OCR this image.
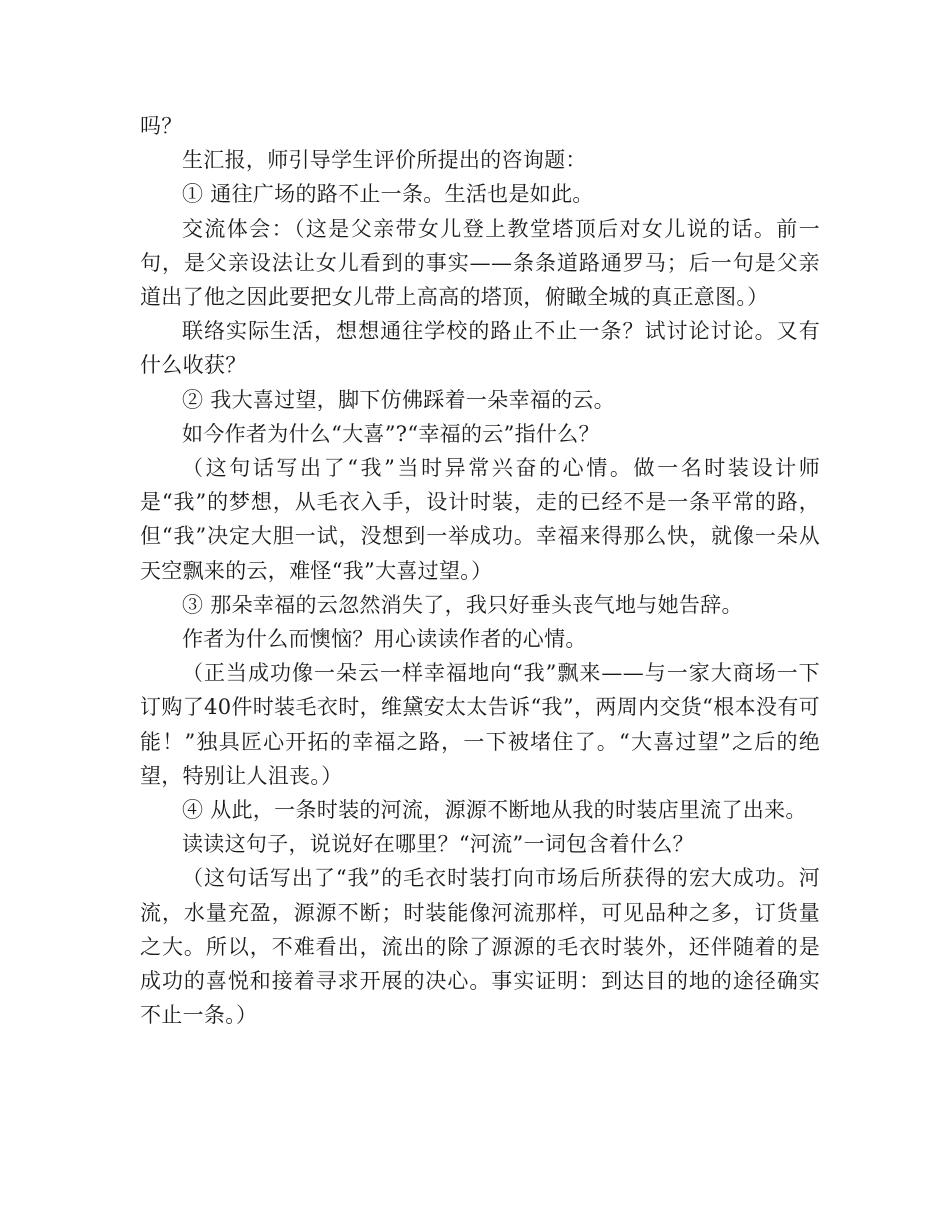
吗？

生汇报，师引导学生评价所提出的咨询题：

① 通往广场的路不止一条。生活也是如此。

交流体会：（这是父亲带女儿登上教堂塔顶后对女儿说的话。前一句，是父亲设法让女儿看到的事实——条条道路通罗马；后一句是父亲道出了他之因此要把女儿带上高高的塔顶，俯瞰全城的真正意图。）

联络实际生活，想想通往学校的路止不止一条？试讨论讨论。又有什么收获？

② 我大喜过望，脚下仿佛踩着一朵幸福的云。

如今作者为什么“大喜”?“幸福的云”指什么？

（这句话写出了“我”当时异常兴奋的心情。做一名时装设计师是“我”的梦想，从毛衣入手，设计时装，走的已经不是一条平常的路，但“我”决定大胆一试，没想到一举成功。幸福来得那么快，就像一朵从天空飘来的云，难怪“我”大喜过望。）

③ 那朵幸福的云忽然消失了，我只好垂头丧气地与她告辞。

作者为什么而懊恼？用心读读作者的心情。

（正当成功像一朵云一样幸福地向“我”飘来——与一家大商场一下订购了40件时装毛衣时，维黛安太太告诉“我”，两周内交货“根本没有可能！”独具匠心开拓的幸福之路，一下被堵住了。“大喜过望”之后的绝望，特别让人沮丧。）

④ 从此，一条时装的河流，源源不断地从我的时装店里流了出来。

读读这句子，说说好在哪里？“河流”一词包含着什么？

（这句话写出了“我”的毛衣时装打向市场后所获得的宏大成功。河流，水量充盈，源源不断；时装能像河流那样，可见品种之多，订货量之大。所以，不难看出，流出的除了源源的毛衣时装外，还伴随着的是成功的喜悦和接着寻求开展的决心。事实证明：到达目的地的途径确实不止一条。）
